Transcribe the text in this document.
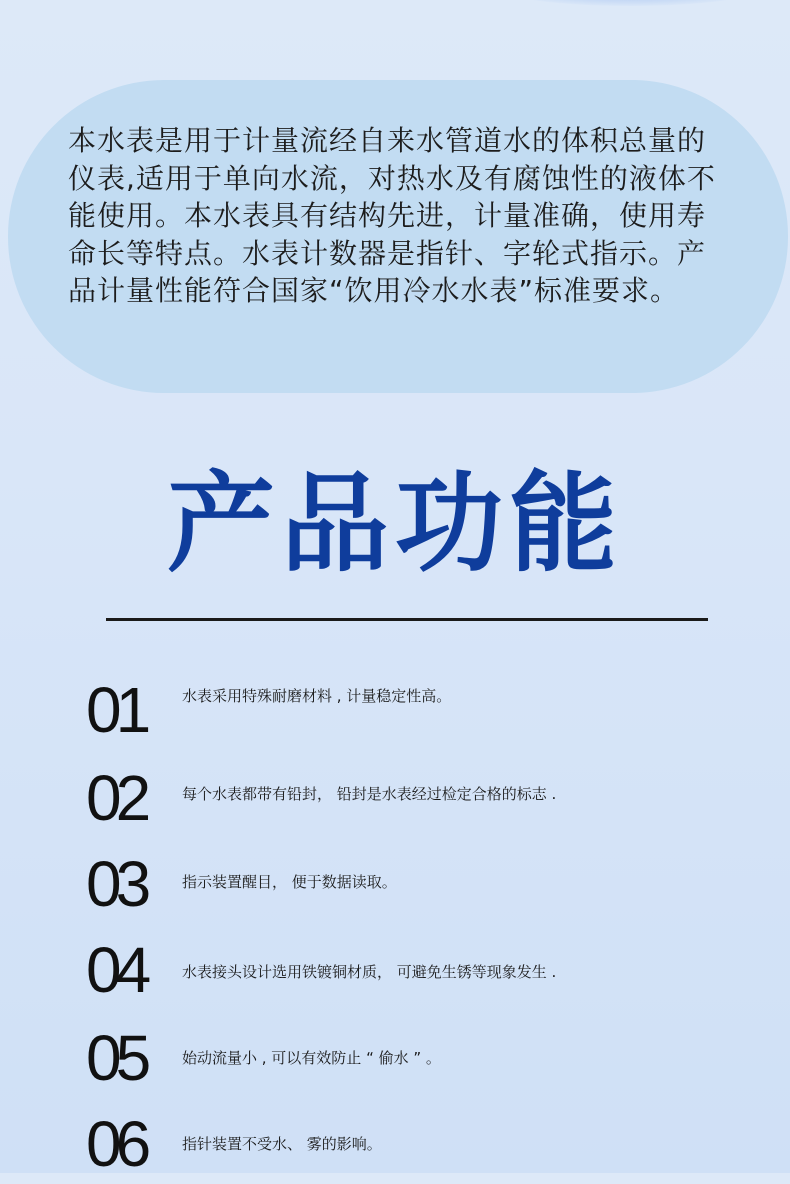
本水表是用于计量流经自来水管道水的体积总量的仪表,适用于单向水流，对热水及有腐蚀性的液体不能使用。本水表具有结构先进，计量准确，使用寿命长等特点。水表计数器是指针、字轮式指示。产品计量性能符合国家“饮用冷水水表”标准要求。

产品功能
01	水表采用特殊耐磨材料 , 计量稳定性高。
02	每个水表都带有铅封， 铅封是水表经过检定合格的标志 .
03	指示装置醒目， 便于数据读取。
04	水表接头设计选用铁镀铜材质， 可避免生锈等现象发生 .
05	始动流量小 , 可以有效防止 “ 偷水 ” 。
06	指针装置不受水、 雾的影响。
